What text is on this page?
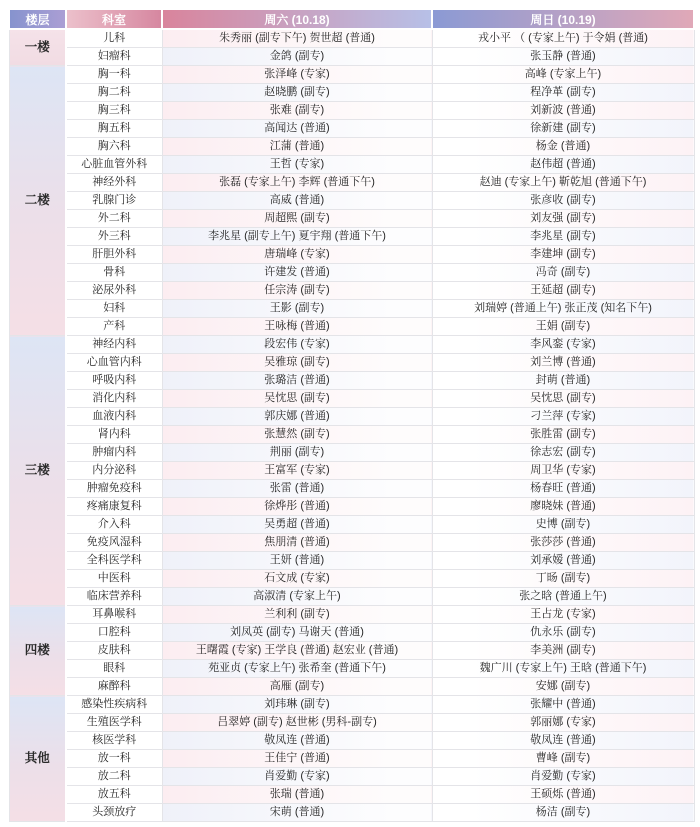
楼层	科室	周六 (10.18)	周日 (10.19)
一楼	儿科	朱秀丽 (副专下午) 贺世超 (普通)	戎小平 （ (专家上午) 于令娟 (普通)
	妇瘤科	金鸽 (副专)	张玉静 (普通)
二楼	胸一科	张泽峰 (专家)	高峰 (专家上午)
	胸二科	赵晓鹏 (副专)	程净革 (副专)
	胸三科	张难 (副专)	刘新波 (普通)
	胸五科	高闻达 (普通)	徐新建 (副专)
	胸六科	江蒲 (普通)	杨金 (普通)
	心脏血管外科	王哲 (专家)	赵伟超 (普通)
	神经外科	张磊 (专家上午) 李辉 (普通下午)	赵迪 (专家上午) 靳乾旭 (普通下午)
	乳腺门诊	高威 (普通)	张彦收 (副专)
	外二科	周超熙 (副专)	刘友强 (副专)
	外三科	李兆星 (副专上午) 夏宇翔 (普通下午)	李兆星 (副专)
	肝胆外科	唐瑞峰 (专家)	李建坤 (副专)
	骨科	许建发 (普通)	冯奇 (副专)
	泌尿外科	任宗涛 (副专)	王延超 (副专)
	妇科	王影 (副专)	刘瑞婷 (普通上午) 张正茂 (知名下午)
	产科	王咏梅 (普通)	王娟 (副专)
三楼	神经内科	段宏伟 (专家)	李风銮 (专家)
	心血管内科	吴雅琼 (副专)	刘兰博 (普通)
	呼吸内科	张璐洁 (普通)	封萌 (普通)
	消化内科	吴忱思 (副专)	吴忱思 (副专)
	血液内科	郭庆娜 (普通)	刁兰萍 (专家)
	肾内科	张慧然 (副专)	张胜雷 (副专)
	肿瘤内科	荆丽 (副专)	徐志宏 (副专)
	内分泌科	王富军 (专家)	周卫华 (专家)
	肿瘤免疫科	张雷 (普通)	杨春旺 (普通)
	疼痛康复科	徐烨彤 (普通)	廖晓妹 (普通)
	介入科	吴勇超 (普通)	史博 (副专)
	免疫风湿科	焦朋清 (普通)	张莎莎 (普通)
	全科医学科	王妍 (普通)	刘承嫒 (普通)
	中医科	石文成 (专家)	丁旸 (副专)
	临床营养科	高淑清 (专家上午)	张之晗 (普通上午)
四楼	耳鼻喉科	兰利利 (副专)	王占龙 (专家)
	口腔科	刘凤英 (副专) 马谢天 (普通)	仇永乐 (副专)
	皮肤科	王曙霞 (专家) 王学良 (普通) 赵宏业 (普通)	李美洲 (副专)
	眼科	苑亚贞 (专家上午) 张希奎 (普通下午)	魏广川 (专家上午) 王晗 (普通下午)
	麻醉科	高雁 (副专)	安娜 (副专)
其他	感染性疾病科	刘玮琳 (副专)	张耀中 (普通)
	生殖医学科	吕翠婷 (副专) 赵世彬 (男科-副专)	郭丽娜 (专家)
	核医学科	敬凤连 (普通)	敬凤连 (普通)
	放一科	王佳宁 (普通)	曹峰 (副专)
	放二科	肖爱勤 (专家)	肖爱勤 (专家)
	放五科	张瑞 (普通)	王硕烁 (普通)
	头颈放疗	宋萌 (普通)	杨洁 (副专)
